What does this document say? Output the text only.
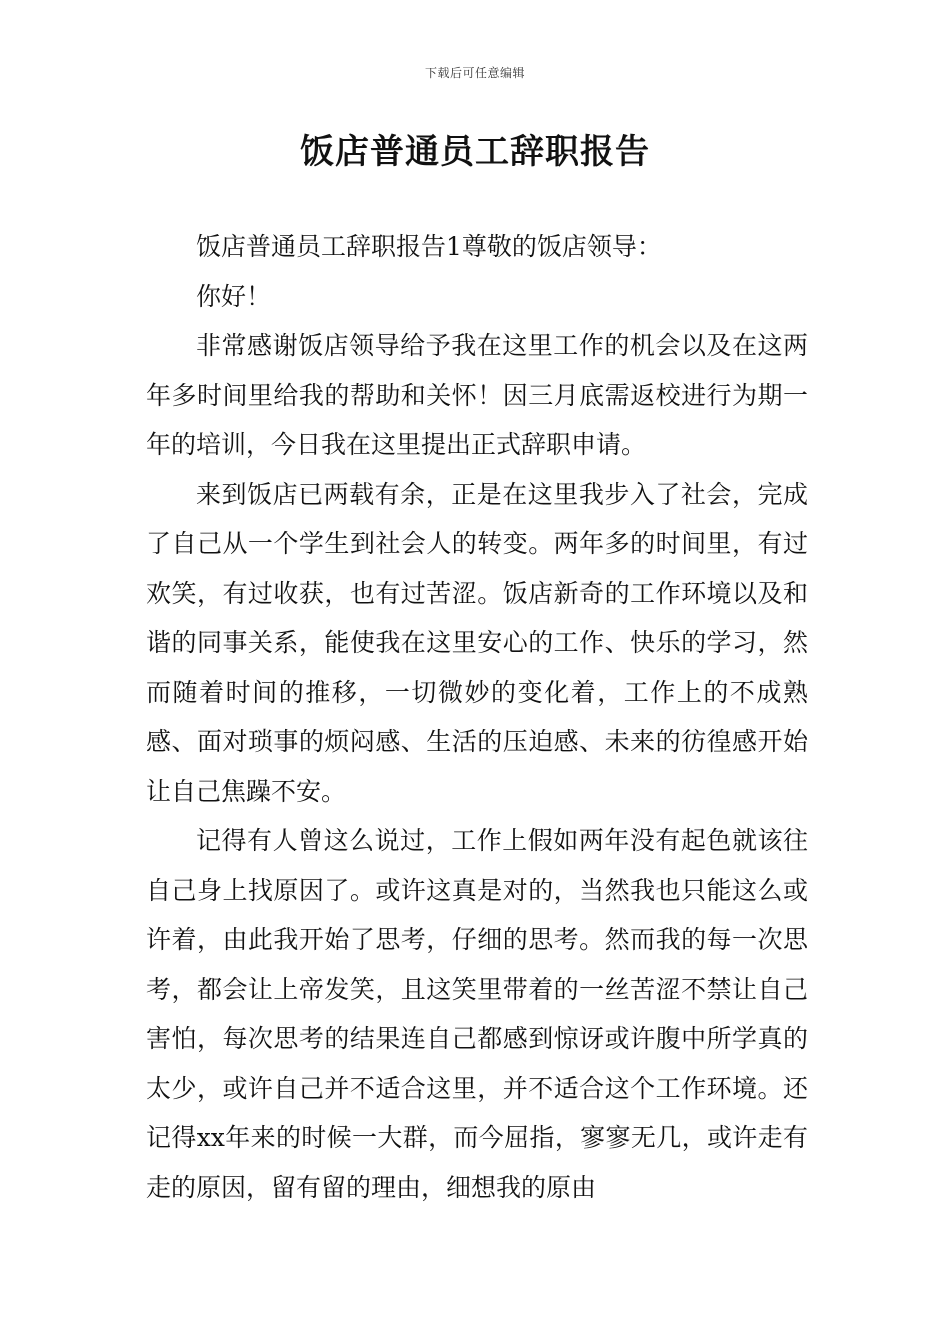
下载后可任意编辑
饭店普通员工辞职报告

饭店普通员工辞职报告1尊敬的饭店领导：

你好！

非常感谢饭店领导给予我在这里工作的机会以及在这两年多时间里给我的帮助和关怀！因三月底需返校进行为期一年的培训，今日我在这里提出正式辞职申请。

来到饭店已两载有余，正是在这里我步入了社会，完成了自己从一个学生到社会人的转变。两年多的时间里，有过欢笑，有过收获，也有过苦涩。饭店新奇的工作环境以及和谐的同事关系，能使我在这里安心的工作、快乐的学习，然而随着时间的推移，一切微妙的变化着，工作上的不成熟感、面对琐事的烦闷感、生活的压迫感、未来的彷徨感开始让自己焦躁不安。

记得有人曾这么说过，工作上假如两年没有起色就该往自己身上找原因了。或许这真是对的，当然我也只能这么或许着，由此我开始了思考，仔细的思考。然而我的每一次思考，都会让上帝发笑，且这笑里带着的一丝苦涩不禁让自己害怕，每次思考的结果连自己都感到惊讶或许腹中所学真的太少，或许自己并不适合这里，并不适合这个工作环境。还记得xx年来的时候一大群，而今屈指，寥寥无几，或许走有走的原因，留有留的理由，细想我的原由
